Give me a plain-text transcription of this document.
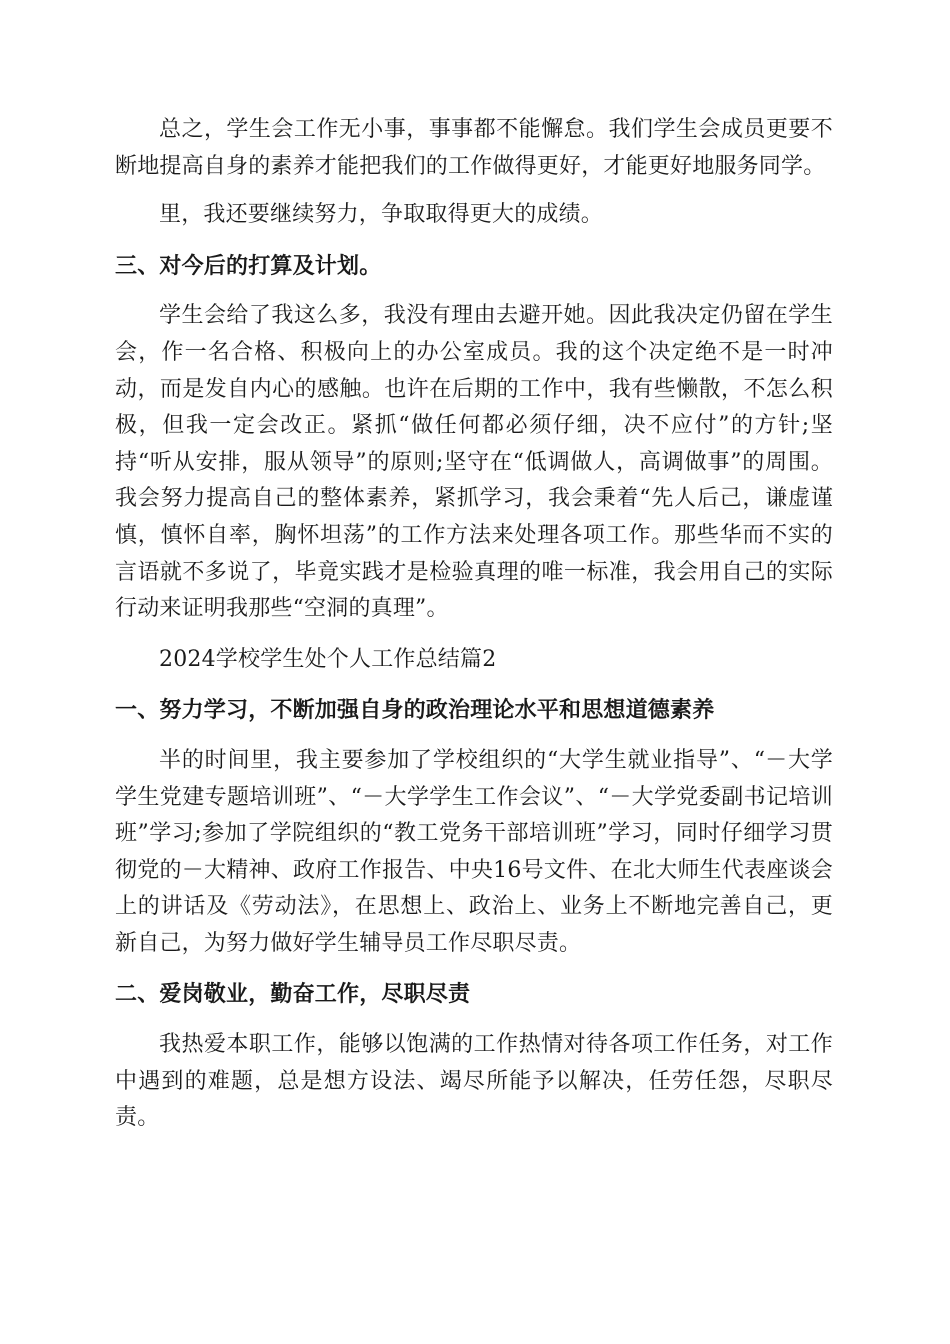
总之，学生会工作无小事，事事都不能懈怠。我们学生会成员更要不断地提高自身的素养才能把我们的工作做得更好，才能更好地服务同学。

里，我还要继续努力，争取取得更大的成绩。

三、对今后的打算及计划。

学生会给了我这么多，我没有理由去避开她。因此我决定仍留在学生会，作一名合格、积极向上的办公室成员。我的这个决定绝不是一时冲动，而是发自内心的感触。也许在后期的工作中，我有些懒散，不怎么积极，但我一定会改正。紧抓“做任何都必须仔细，决不应付”的方针;坚持“听从安排，服从领导”的原则;坚守在“低调做人，高调做事”的周围。我会努力提高自己的整体素养，紧抓学习，我会秉着“先人后己，谦虚谨慎，慎怀自率，胸怀坦荡”的工作方法来处理各项工作。那些华而不实的言语就不多说了，毕竟实践才是检验真理的唯一标准，我会用自己的实际行动来证明我那些“空洞的真理”。

2024学校学生处个人工作总结篇2

一、努力学习，不断加强自身的政治理论水平和思想道德素养

半的时间里，我主要参加了学校组织的“大学生就业指导”、“－大学学生党建专题培训班”、“－大学学生工作会议”、“－大学党委副书记培训班”学习;参加了学院组织的“教工党务干部培训班”学习，同时仔细学习贯彻党的－大精神、政府工作报告、中央16号文件、在北大师生代表座谈会上的讲话及《劳动法》，在思想上、政治上、业务上不断地完善自己，更新自己，为努力做好学生辅导员工作尽职尽责。

二、爱岗敬业，勤奋工作，尽职尽责

我热爱本职工作，能够以饱满的工作热情对待各项工作任务，对工作中遇到的难题，总是想方设法、竭尽所能予以解决，任劳任怨，尽职尽责。
